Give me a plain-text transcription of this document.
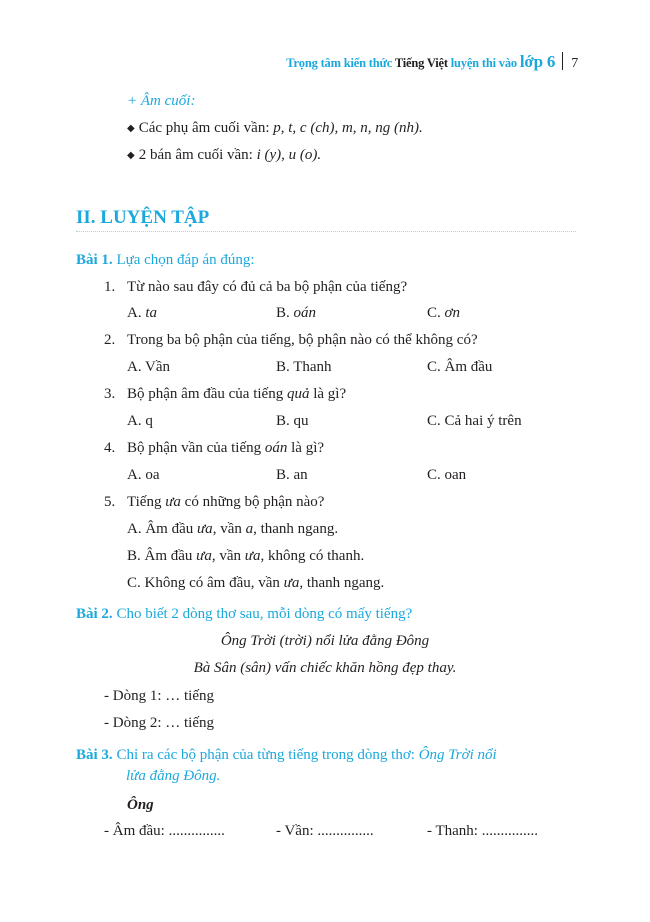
Trọng tâm kiến thức Tiếng Việt luyện thi vào lớp 6 7
+ Âm cuối:
◆ Các phụ âm cuối vần: p, t, c (ch), m, n, ng (nh).
◆ 2 bán âm cuối vần: i (y), u (o).
II. LUYỆN TẬP
Bài 1. Lựa chọn đáp án đúng:
1. Từ nào sau đây có đủ cả ba bộ phận của tiếng?
A. ta	B. oán	C. ơn
2. Trong ba bộ phận của tiếng, bộ phận nào có thể không có?
A. Vần	B. Thanh	C. Âm đầu
3. Bộ phận âm đầu của tiếng quả là gì?
A. q	B. qu	C. Cả hai ý trên
4. Bộ phận vần của tiếng oán là gì?
A. oa	B. an	C. oan
5. Tiếng ưa có những bộ phận nào?
A. Âm đầu ưa, vần a, thanh ngang.
B. Âm đầu ưa, vần ưa, không có thanh.
C. Không có âm đầu, vần ưa, thanh ngang.
Bài 2. Cho biết 2 dòng thơ sau, mỗi dòng có mấy tiếng?
Ông Trời (trời) nổi lửa đằng Đông
Bà Sân (sân) vấn chiếc khăn hồng đẹp thay.
- Dòng 1: … tiếng
- Dòng 2: … tiếng
Bài 3. Chỉ ra các bộ phận của từng tiếng trong dòng thơ: Ông Trời nổi
lửa đằng Đông.
Ông
- Âm đầu: ...............	- Vần: ...............	- Thanh: ...............
